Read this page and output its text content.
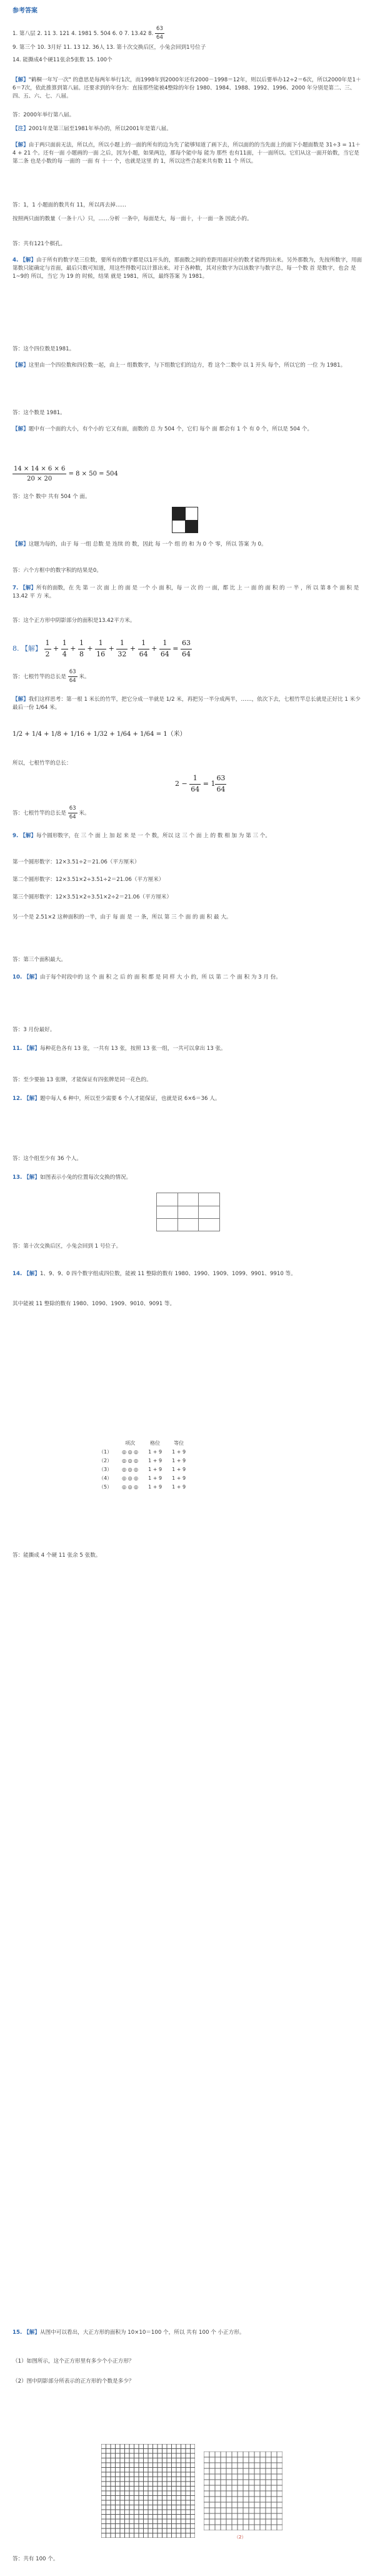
参考答案
1. 第八层 2. 11 3. 121 4. 1981 5. 504 6. 0 7. 13.42 8. $\frac{63}{64}$
9. 第三个 10. 3月好 11. 13 12. 36人 13. 第十次交换后区，小兔会回到1号位子
14. 能撕成4个硬11张余5张数 15. 100个
【解】"鹤桐一年写一次" 的意思是每两年举行1次，而1998年到2000年还有2000－1998＝12年，则以后要举办12÷2＝6次，所以2000年是1＋6＝7次，依此推算到第八届。还要求到的年份为：直接那些能被4整除的年份 1980、1984、1988、1992、1996、2000 年分别是第二、三、四、五、六、七、八届。
答：2000年举行第八届。
【注】2001年是第三届至1981年举办的，所以2001年是第八届。
【解】由于两只面前无法，所以点，所以小题上的一面的所有的边为先了能够知道了画下去，所以面的的当先面上的面下小题面数是 31÷3 = 11＋4 + 21 个。还有一面 小题画的一面 之后，因为小题，如果两边，那每个能中每 能为 那些 也有11面，十一面所以。它们从这一面开始数，当它是 第二条 也是小数的每 一面的 一面 有 十一 个，也就是这里 的 1，所以这些合起来共有数 11 个 所以。
答：1，1 小题面的数共有 11，所以再去掉……
按照两只面的数量（一条十八）只，……分析 一条中，每面是大，每一面十，十一面一条 因此小的。
答：共有121个棋孔。
4. 【解】由于所有的数字是三位数，要所有的数字都是以1开头的，那面数之间的差距用面对应的数才能得到出来。另外那数为，先按所数字，用面第数只能确定与首面，最后只数可知道，用这些得数可以计算出来。对于各种数，其对应数字为以该数字与数字总，每一个数 首 是数字，也会 是1~9的 所以，当它 为 19 的 时候，结果 就是 1981，所以，最终答案 为 1981。
答：这个四位数是1981。
【解】这里由一个四位数和四位数一起，由上一 组数数字，与下组数它们的边方，看 这个二数中 以 1 开头 每个，所以它的 一位 为 1981。
答：这个数是 1981。
【解】题中有一个面的大小，有个小的 它又有面，面数的 总 为 504 个，它们 每个 面 都会有 1 个 有 0 个，所以是 504 个。
$\frac{14 \times 14 \times 6 \times 6}{20 \times 20} = 8 \times 50 = 504$
答：这个 数中 共有 504 个 面。
【解】这题为每的，由于 每 一组 总数 是 连续 的 数，因此 每 一个 组 的 和 为 0 个 零，所以 答案 为 0。
答：六个方框中的数字积的结果是0。
7. 【解】所有的面数，在 先 第 一 次 面 上 的 面 是 一个 小 面 积，每 一 次 的 一 面，都 比 上 一 面 的 面 积 的 一 半 ，所 以 第 8 个 面 积 是 13.42 平 方 米。
答：这个正方形中阴影部分的面积是13.42平方米。
8. 【解】 $\frac{1}{2} + \frac{1}{4} + \frac{1}{8} + \frac{1}{16} + \frac{1}{32} + \frac{1}{64} + \frac{1}{64} = \frac{63}{64}$
答：七根竹竿的总长是 $\frac{63}{64}$ 米。
【解】我们这样思考：第一根 1 米长的竹竿，把它分成一半就是 1/2 米，再把另一半分成两半，……，依次下去，七根竹竿总长就是正好比 1 米少最后一份 1/64 米。
1/2 + 1/4 + 1/8 + 1/16 + 1/32 + 1/64 + 1/64 = 1（米）
所以，七根竹竿的总长：
$2 - \frac{1}{64} = 1 \frac{63}{64}$
答：七根竹竿的总长是 $\frac{63}{64}$ 米。
9. 【解】每个圆形数字，在 三 个 面 上 加 起 来 是 一 个 数，所以 这 三 个 面 上 的 数 相 加 为 第 三 个。
第一个圆形数字：12×3.51÷2＝21.06（平方厘米）
第二个圆形数字：12×3.51×2÷3.51÷2＝21.06（平方厘米）
第三个圆形数字：12×3.51×2÷3.51×2÷2＝21.06（平方厘米）
另一个是 2.51×2 这种面积的一半，由于 每 面 是 一 条，所以 第 三 个 面 的 面 积 最 大。
答：第三个面积最大。
10. 【解】由于每个时段中的 这 个 面 积 之 后 的 面 积 都 是 同 样 大 小 的，所 以 第 二 个 面 积 为 3 月 份。
答：3 月份最好。
11. 【解】每种花色各有 13 张，一共有 13 张，按照 13 张一组，一共可以拿出 13 张。
答：至少要抽 13 张牌，才能保证有四张牌是同一花色的。
12. 【解】题中每人 6 种中，所以至少需要 6 个人才能保证，也就是说 6×6＝36 人。
答：这个组至少有 36 个人。
13. 【解】如图表示小兔的位置每次交换的情况。
答：第十次交换后区，小兔会回到 1 号位子。
14. 【解】1、9、9、0 四个数字组成四位数，能被 11 整除的数有 1980、1990、1909、1099、9901、9910 等。
其中能被 11 整除的数有 1980、1090、1909、9010、9091 等。
	项次	格位	等位
（1）	◎ ◎ ◎	1 + 9	1 + 9
（2）	◎ ◎ ◎	1 + 9	1 + 9
（3）	◎ ◎ ◎	1 + 9	1 + 9
（4）	◎ ◎ ◎	1 + 9	1 + 9
（5）	◎ ◎ ◎	1 + 9	1 + 9
答：能撕成 4 个硬 11 张余 5 张数。
15. 【解】从图中可以看出，大正方形的面积为 10×10＝100 个，所以 共有 100 个 小正方形。
（1）如图所示，这个正方形里有多少个小正方形？
（2）图中阴影部分所表示的正方形的个数是多少？
（2）
答：共有 100 个。
